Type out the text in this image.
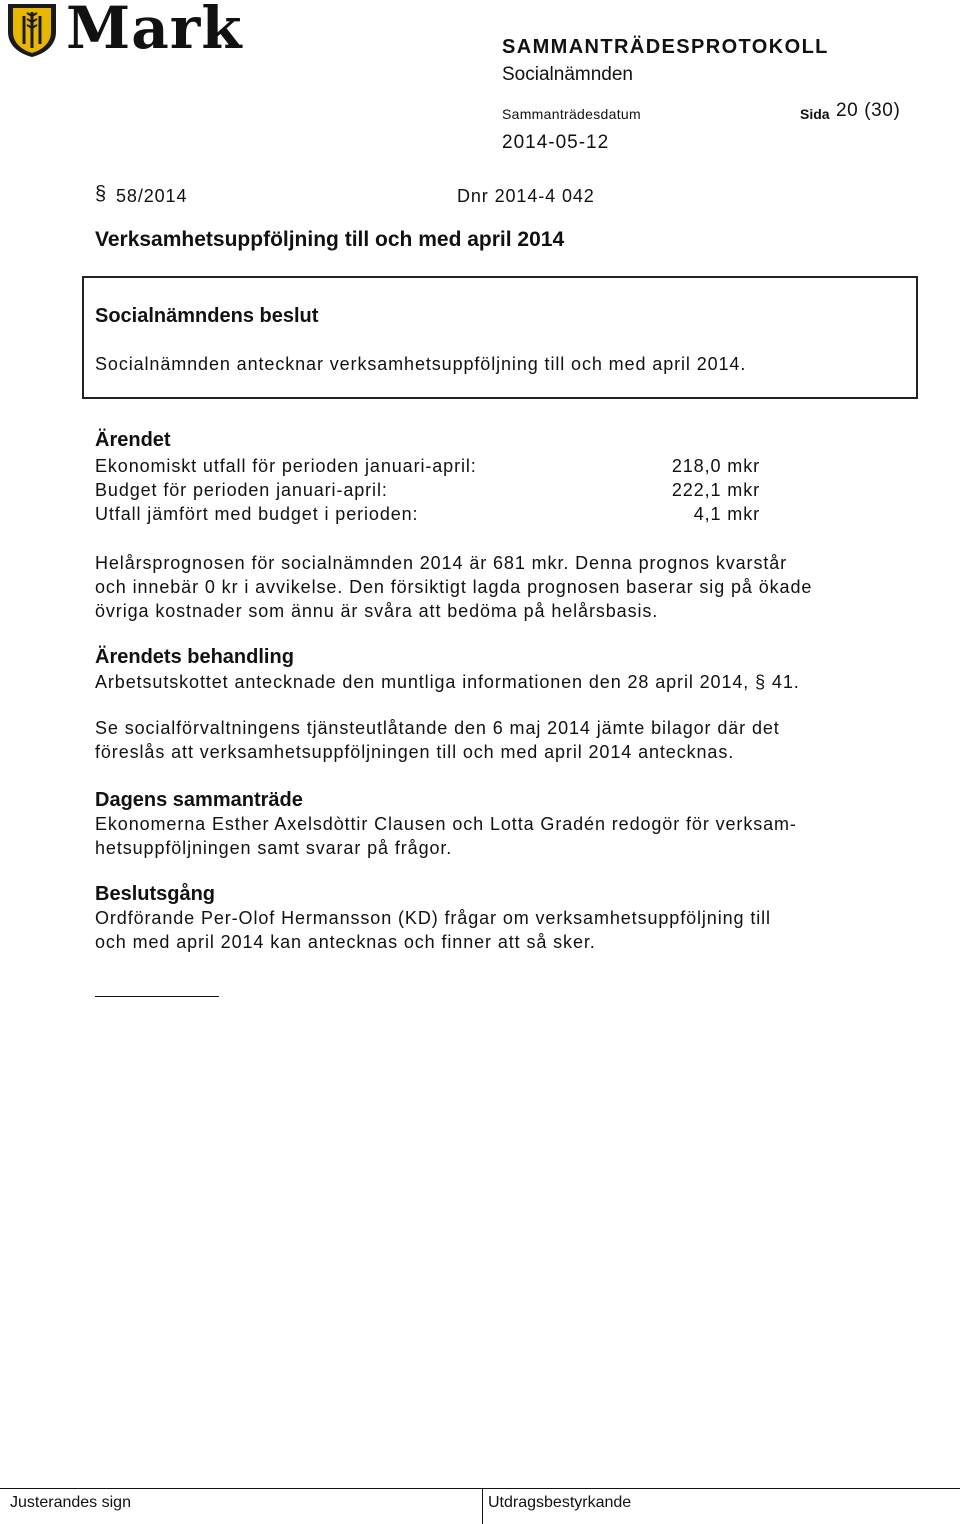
Mark	SAMMANTRÄDESPROTOKOLL
Socialnämnden
Sammanträdesdatum	Sida 20 (30)
2014-05-12
§ 58/2014	Dnr 2014-4 042
Verksamhetsuppföljning till och med april 2014
Socialnämndens beslut
Socialnämnden antecknar verksamhetsuppföljning till och med april 2014.
Ärendet
Ekonomiskt utfall för perioden januari-april:	218,0 mkr
Budget för perioden januari-april:	222,1 mkr
Utfall jämfört med budget i perioden:	4,1 mkr
Helårsprognosen för socialnämnden 2014 är 681 mkr. Denna prognos kvarstår
och innebär 0 kr i avvikelse. Den försiktigt lagda prognosen baserar sig på ökade
övriga kostnader som ännu är svåra att bedöma på helårsbasis.
Ärendets behandling
Arbetsutskottet antecknade den muntliga informationen den 28 april 2014, § 41.
Se socialförvaltningens tjänsteutlåtande den 6 maj 2014 jämte bilagor där det
föreslås att verksamhetsuppföljningen till och med april 2014 antecknas.
Dagens sammanträde
Ekonomerna Esther Axelsdòttir Clausen och Lotta Gradén redogör för verksam-
hetsuppföljningen samt svarar på frågor.
Beslutsgång
Ordförande Per-Olof Hermansson (KD) frågar om verksamhetsuppföljning till
och med april 2014 kan antecknas och finner att så sker.
Justerandes sign	Utdragsbestyrkande
